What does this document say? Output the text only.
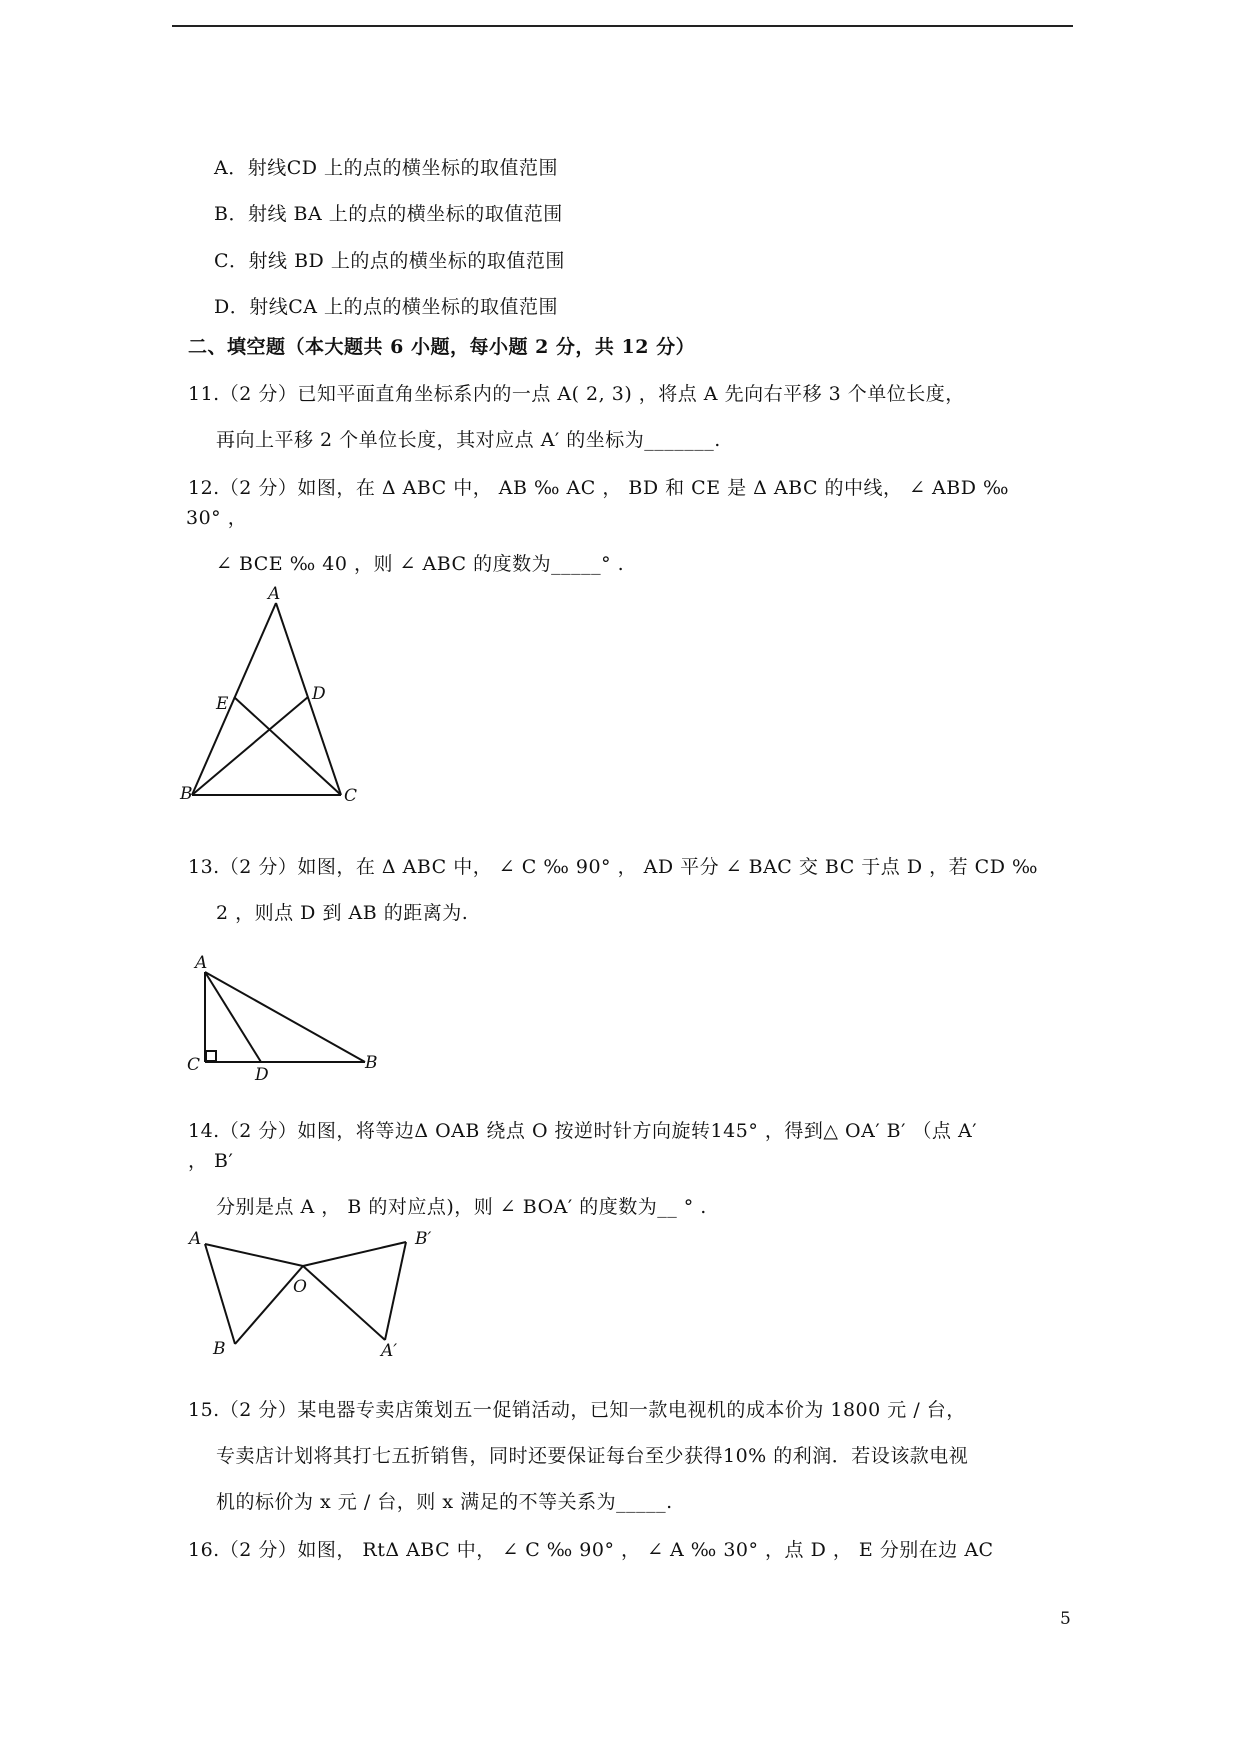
A．射线CD 上的点的横坐标的取值范围
B．射线 BA 上的点的横坐标的取值范围
C．射线 BD 上的点的横坐标的取值范围
D．射线CA 上的点的横坐标的取值范围
二、填空题（本大题共 6 小题，每小题 2 分，共 12 分）
11.（2 分）已知平面直角坐标系内的一点 A( 2, 3) ，将点 A 先向右平移 3 个单位长度，
再向上平移 2 个单位长度，其对应点 A′ 的坐标为_______.
12.（2 分）如图，在 Δ ABC 中， AB ‰ AC ， BD 和 CE 是 Δ ABC 的中线， ∠ ABD ‰
30° ，
∠ BCE ‰ 40 ，则 ∠ ABC 的度数为_____° .
A
E	D
B	C
13.（2 分）如图，在 Δ ABC 中， ∠ C ‰ 90° ， AD 平分 ∠ BAC 交 BC 于点 D ，若 CD ‰
2 ，则点 D 到 AB 的距离为.
A
C	D
B
14.（2 分）如图，将等边Δ OAB 绕点 O 按逆时针方向旋转145° ，得到△ OA′ B′ （点 A′
， B′
分别是点 A ， B 的对应点)，则 ∠ BOA′ 的度数为__ ° .
A	B′
O
B	A′
15.（2 分）某电器专卖店策划五一促销活动，已知一款电视机的成本价为 1800 元 / 台，
专卖店计划将其打七五折销售，同时还要保证每台至少获得10% 的利润．若设该款电视
机的标价为 x 元 / 台，则 x 满足的不等关系为_____.
16.（2 分）如图， RtΔ ABC 中， ∠ C ‰ 90° ， ∠ A ‰ 30° ，点 D ， E 分别在边 AC
5
